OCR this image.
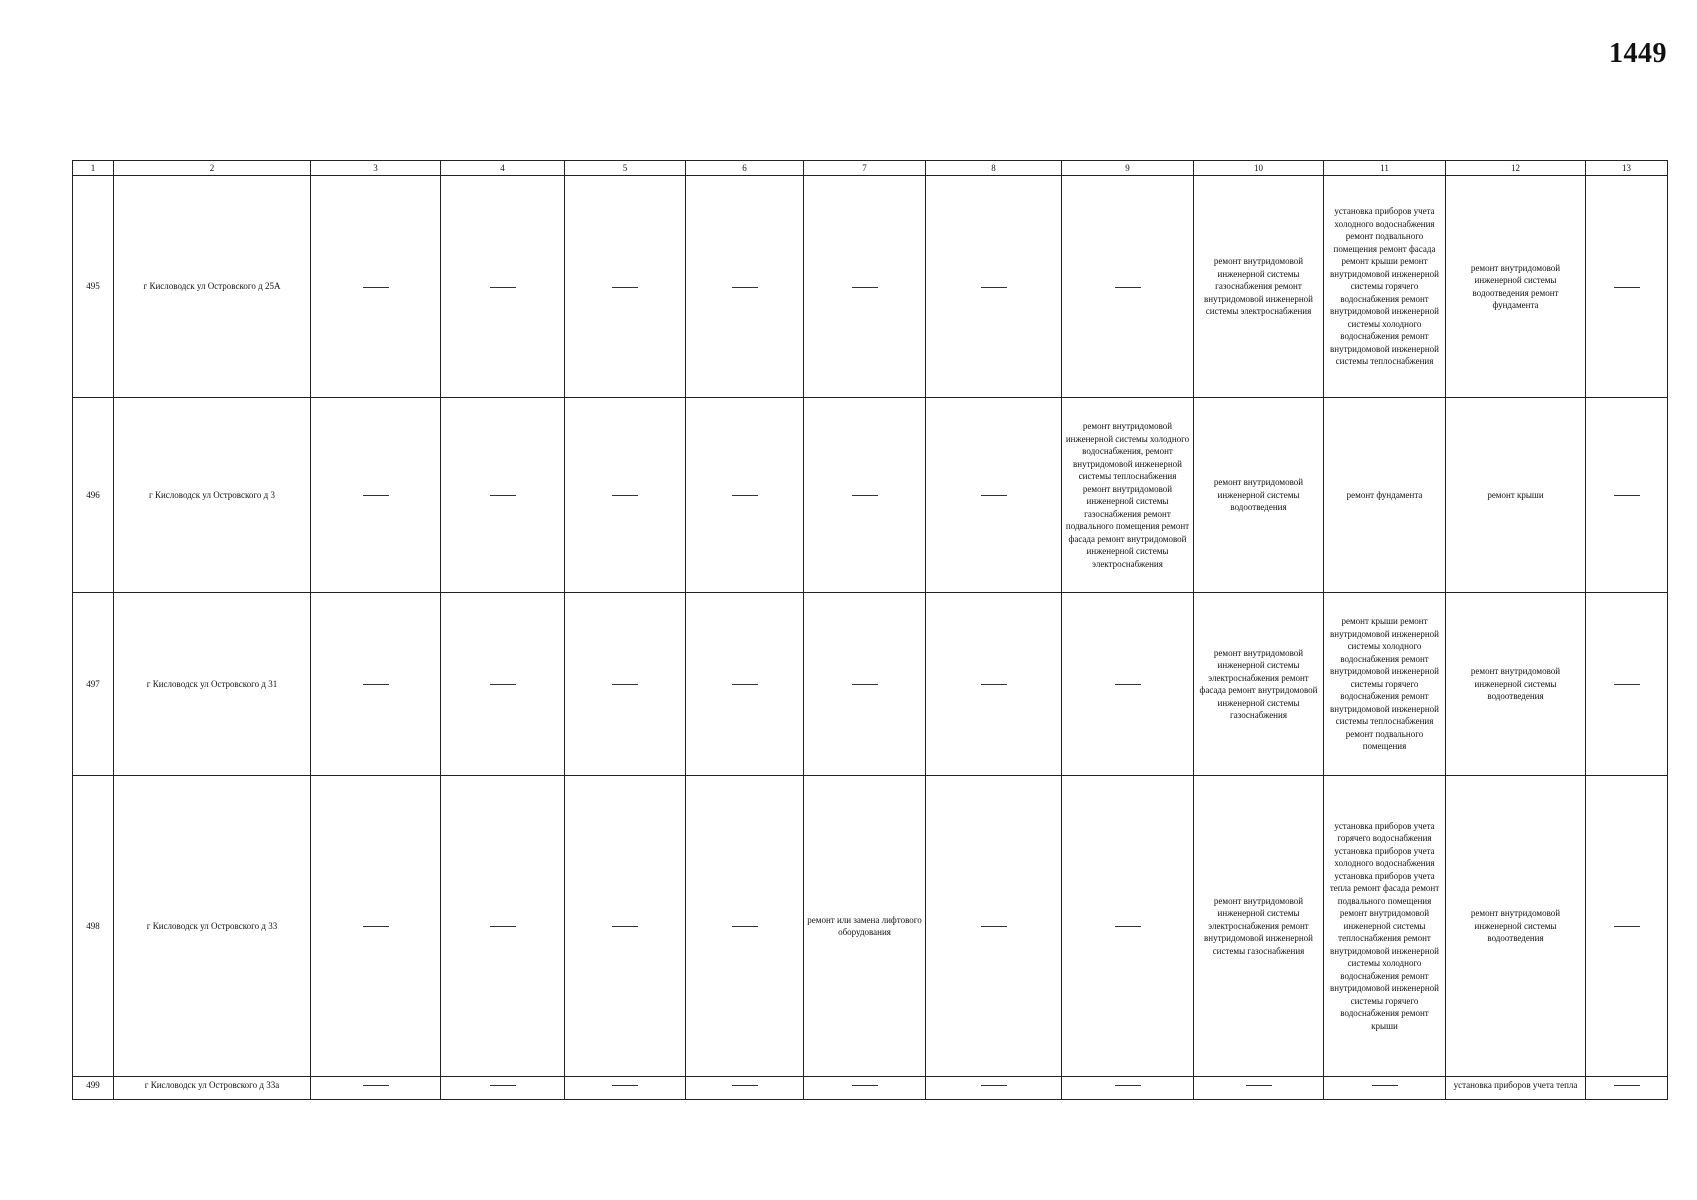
1449
1	2	3	4	5	6	7	8	9	10	11	12	13
495	г Кисловодск ул Островского д 25А								ремонт внутридомовой инженерной системы газоснабжения ремонт внутридомовой инженерной системы электроснабжения	установка приборов учета холодного водоснабжения ремонт подвального помещения ремонт фасада ремонт крыши ремонт внутридомовой инженерной системы горячего водоснабжения ремонт внутридомовой инженерной системы холодного водоснабжения ремонт внутридомовой инженерной системы теплоснабжения	ремонт внутридомовой инженерной системы водоотведения ремонт фундамента	
496	г Кисловодск ул Островского д 3							ремонт внутридомовой инженерной системы холодного водоснабжения, ремонт внутридомовой инженерной системы теплоснабжения ремонт внутридомовой инженерной системы газоснабжения ремонт подвального помещения ремонт фасада ремонт внутридомовой инженерной системы электроснабжения	ремонт внутридомовой инженерной системы водоотведения	ремонт фундамента	ремонт крыши	
497	г Кисловодск ул Островского д 31								ремонт внутридомовой инженерной системы электроснабжения ремонт фасада ремонт внутридомовой инженерной системы газоснабжения	ремонт крыши ремонт внутридомовой инженерной системы холодного водоснабжения ремонт внутридомовой инженерной системы горячего водоснабжения ремонт внутридомовой инженерной системы теплоснабжения ремонт подвального помещения	ремонт внутридомовой инженерной системы водоотведения	
498	г Кисловодск ул Островского д 33					ремонт или замена лифтового оборудования			ремонт внутридомовой инженерной системы электроснабжения ремонт внутридомовой инженерной системы газоснабжения	установка приборов учета горячего водоснабжения установка приборов учета холодного водоснабжения установка приборов учета тепла ремонт фасада ремонт подвального помещения ремонт внутридомовой инженерной системы теплоснабжения ремонт внутридомовой инженерной системы холодного водоснабжения ремонт внутридомовой инженерной системы горячего водоснабжения ремонт крыши	ремонт внутридомовой инженерной системы водоотведения	
499	г Кисловодск ул Островского д 33а										установка приборов учета тепла	
